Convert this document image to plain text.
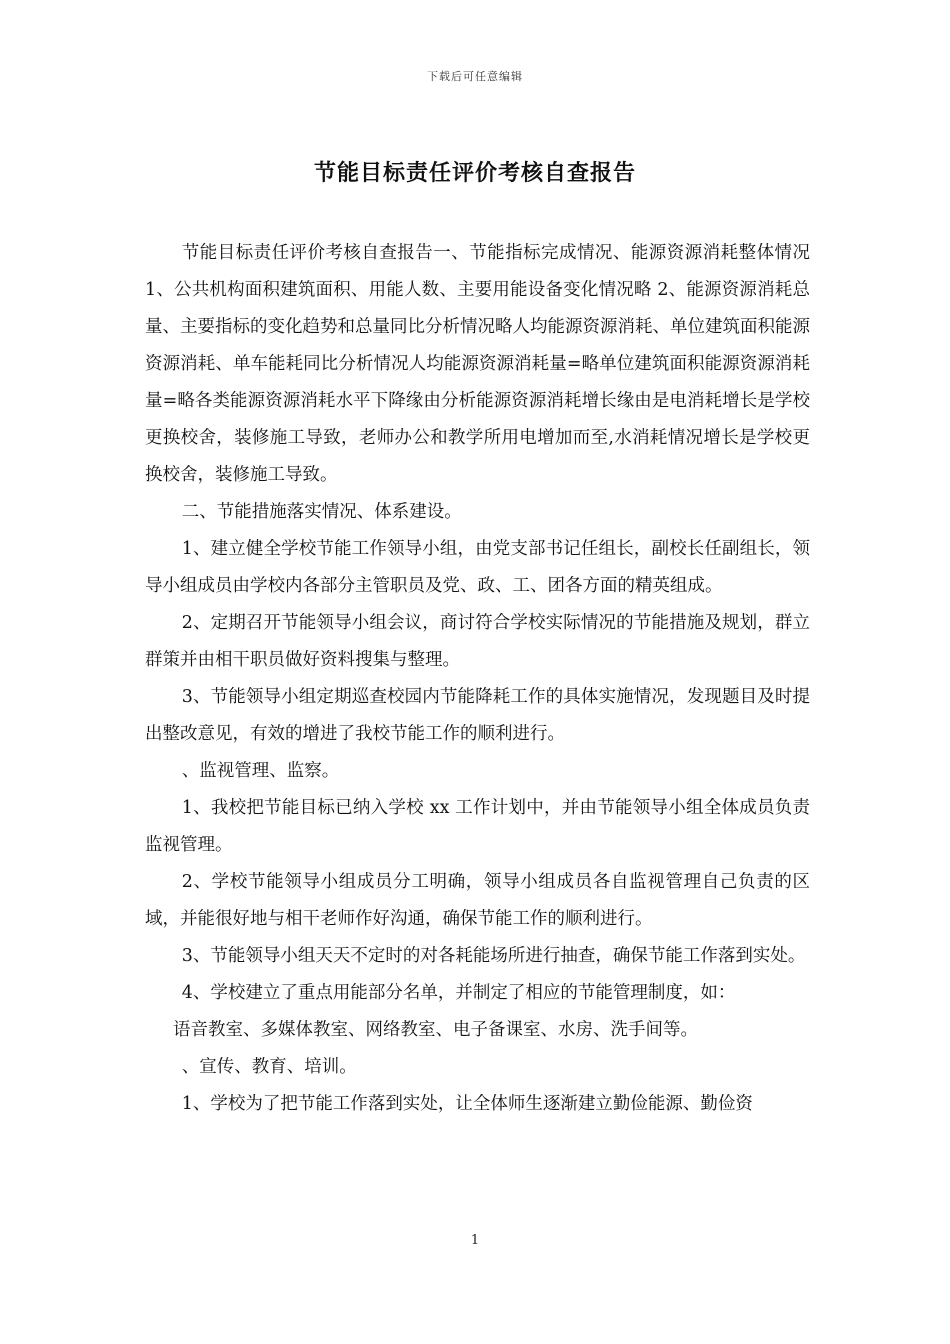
下载后可任意编辑
节能目标责任评价考核自查报告

节能目标责任评价考核自查报告一、节能指标完成情况、能源资源消耗整体情况 1、公共机构面积建筑面积、用能人数、主要用能设备变化情况略 2、能源资源消耗总量、主要指标的变化趋势和总量同比分析情况略人均能源资源消耗、单位建筑面积能源资源消耗、单车能耗同比分析情况人均能源资源消耗量=略单位建筑面积能源资源消耗量=略各类能源资源消耗水平下降缘由分析能源资源消耗增长缘由是电消耗增长是学校更换校舍，装修施工导致，老师办公和教学所用电增加而至,水消耗情况增长是学校更换校舍，装修施工导致。

二、节能措施落实情况、体系建设。

1、建立健全学校节能工作领导小组，由党支部书记任组长，副校长任副组长，领导小组成员由学校内各部分主管职员及党、政、工、团各方面的精英组成。

2、定期召开节能领导小组会议，商讨符合学校实际情况的节能措施及规划，群立群策并由相干职员做好资料搜集与整理。

3、节能领导小组定期巡查校园内节能降耗工作的具体实施情况，发现题目及时提出整改意见，有效的增进了我校节能工作的顺利进行。

、监视管理、监察。

1、我校把节能目标已纳入学校 xx 工作计划中，并由节能领导小组全体成员负责监视管理。

2、学校节能领导小组成员分工明确，领导小组成员各自监视管理自己负责的区域，并能很好地与相干老师作好沟通，确保节能工作的顺利进行。

3、节能领导小组天天不定时的对各耗能场所进行抽查，确保节能工作落到实处。

4、学校建立了重点用能部分名单，并制定了相应的节能管理制度，如：

语音教室、多媒体教室、网络教室、电子备课室、水房、洗手间等。

、宣传、教育、培训。

1、学校为了把节能工作落到实处，让全体师生逐渐建立勤俭能源、勤俭资

1
